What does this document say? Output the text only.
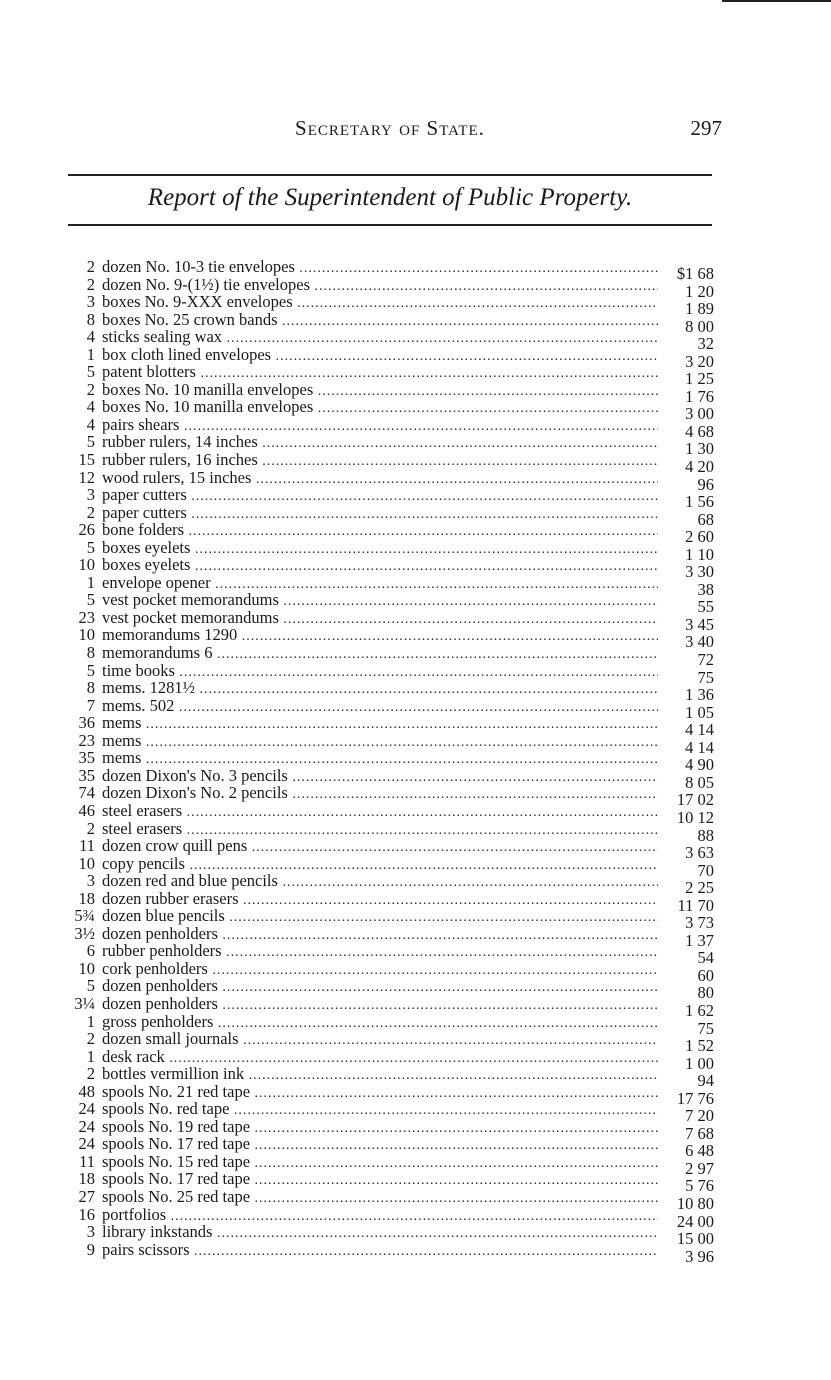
Secretary of State.	297
Report of the Superintendent of Public Property.
2 dozen No. 10-3 tie envelopes .....	$1 68
2 dozen No. 9-(1½) tie envelopes .....	1 20
3 boxes No. 9-XXX envelopes .....	1 89
8 boxes No. 25 crown bands .....	8 00
4 sticks sealing wax .....	32
1 box cloth lined envelopes .....	3 20
5 patent blotters .....	1 25
2 boxes No. 10 manilla envelopes .....	1 76
4 boxes No. 10 manilla envelopes .....	3 00
4 pairs shears .....	4 68
5 rubber rulers, 14 inches .....	1 30
15 rubber rulers, 16 inches .....	4 20
12 wood rulers, 15 inches .....	96
3 paper cutters .....	1 56
2 paper cutters .....	68
26 bone folders .....	2 60
5 boxes eyelets .....	1 10
10 boxes eyelets .....	3 30
1 envelope opener .....	38
5 vest pocket memorandums .....	55
23 vest pocket memorandums .....	3 45
10 memorandums 1290 .....	3 40
8 memorandums 6 .....	72
5 time books .....	75
8 mems. 1281½ .....	1 36
7 mems. 502 .....	1 05
36 mems .....	4 14
23 mems .....	4 14
35 mems .....	4 90
35 dozen Dixon's No. 3 pencils .....	8 05
74 dozen Dixon's No. 2 pencils .....	17 02
46 steel erasers .....	10 12
2 steel erasers .....	88
11 dozen crow quill pens .....	3 63
10 copy pencils .....	70
3 dozen red and blue pencils .....	2 25
18 dozen rubber erasers .....	11 70
5¾ dozen blue pencils .....	3 73
3½ dozen penholders .....	1 37
6 rubber penholders .....	54
10 cork penholders .....	60
5 dozen penholders .....	80
3¼ dozen penholders .....	1 62
1 gross penholders .....	75
2 dozen small journals .....	1 52
1 desk rack .....	1 00
2 bottles vermillion ink .....	94
48 spools No. 21 red tape .....	17 76
24 spools No. red tape .....	7 20
24 spools No. 19 red tape .....	7 68
24 spools No. 17 red tape .....	6 48
11 spools No. 15 red tape .....	2 97
18 spools No. 17 red tape .....	5 76
27 spools No. 25 red tape .....	10 80
16 portfolios .....	24 00
3 library inkstands .....	15 00
9 pairs scissors .....	3 96
